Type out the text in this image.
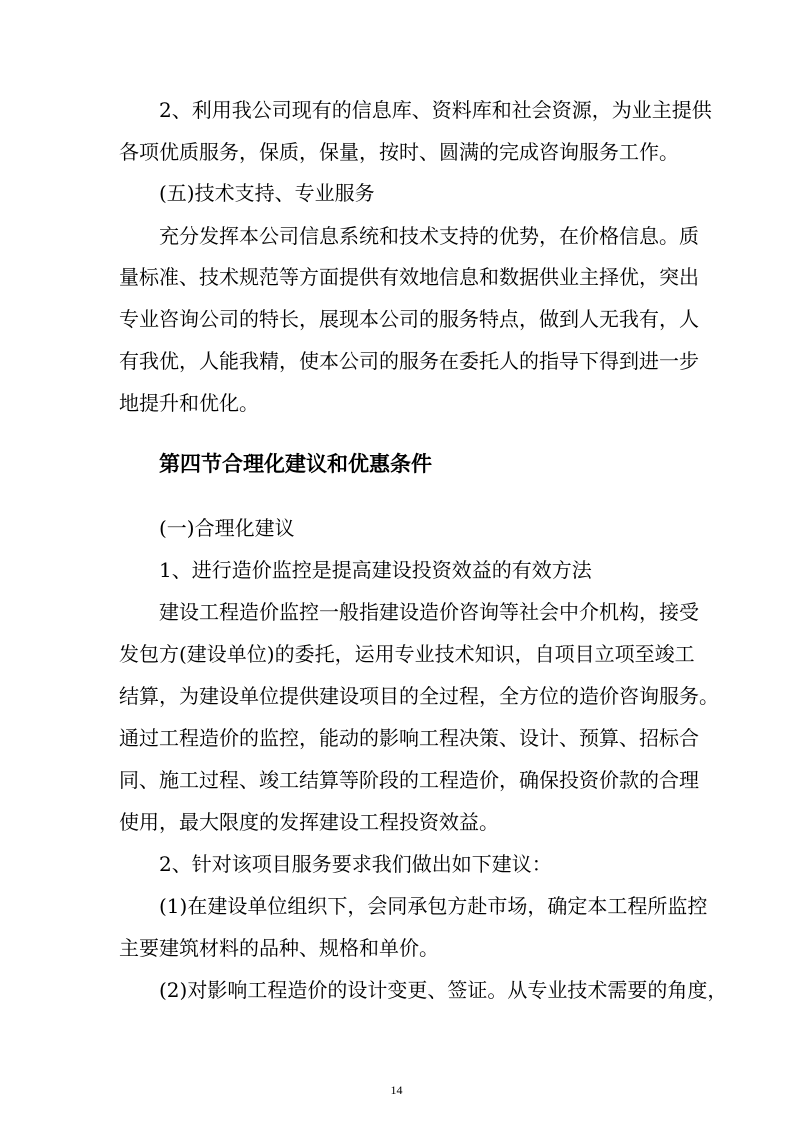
2、利用我公司现有的信息库、资料库和社会资源，为业主提供
各项优质服务，保质，保量，按时、圆满的完成咨询服务工作。
(五)技术支持、专业服务
充分发挥本公司信息系统和技术支持的优势，在价格信息。质
量标准、技术规范等方面提供有效地信息和数据供业主择优，突出
专业咨询公司的特长，展现本公司的服务特点，做到人无我有，人
有我优，人能我精，使本公司的服务在委托人的指导下得到进一步
地提升和优化。
第四节合理化建议和优惠条件
(一)合理化建议
1、进行造价监控是提高建设投资效益的有效方法
建设工程造价监控一般指建设造价咨询等社会中介机构，接受
发包方(建设单位)的委托，运用专业技术知识，自项目立项至竣工
结算，为建设单位提供建设项目的全过程，全方位的造价咨询服务。
通过工程造价的监控，能动的影响工程决策、设计、预算、招标合
同、施工过程、竣工结算等阶段的工程造价，确保投资价款的合理
使用，最大限度的发挥建设工程投资效益。
2、针对该项目服务要求我们做出如下建议：
(1)在建设单位组织下，会同承包方赴市场，确定本工程所监控
主要建筑材料的品种、规格和单价。
(2)对影响工程造价的设计变更、签证。从专业技术需要的角度，
14
